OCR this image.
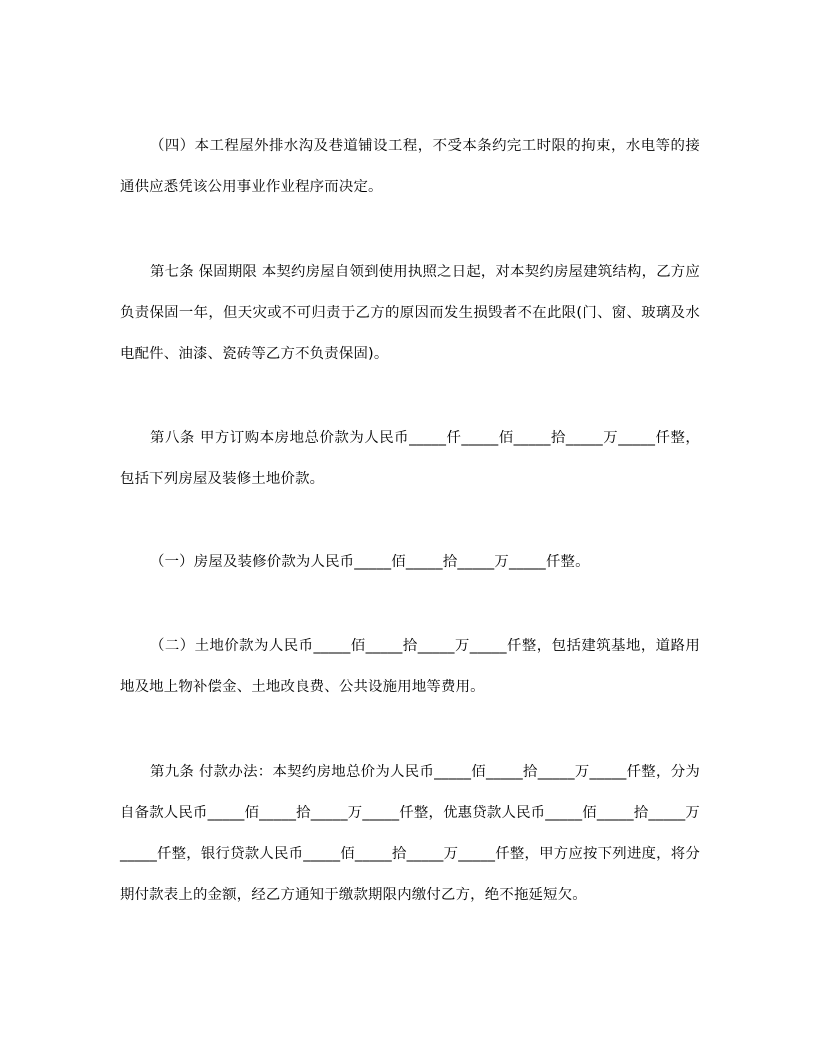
（四）本工程屋外排水沟及巷道铺设工程，不受本条约完工时限的拘束，水电等的接通供应悉凭该公用事业作业程序而决定。

第七条 保固期限 本契约房屋自领到使用执照之日起，对本契约房屋建筑结构，乙方应负责保固一年，但天灾或不可归责于乙方的原因而发生损毁者不在此限(门、窗、玻璃及水电配件、油漆、瓷砖等乙方不负责保固)。

第八条 甲方订购本房地总价款为人民币_____仟_____佰_____拾_____万_____仟整，包括下列房屋及装修土地价款。

（一）房屋及装修价款为人民币_____佰_____拾_____万_____仟整。

（二）土地价款为人民币_____佰_____拾_____万_____仟整，包括建筑基地，道路用地及地上物补偿金、土地改良费、公共设施用地等费用。

第九条 付款办法：本契约房地总价为人民币_____佰_____拾_____万_____仟整，分为自备款人民币_____佰_____拾_____万_____仟整，优惠贷款人民币_____佰_____拾_____万_____仟整，银行贷款人民币_____佰_____拾_____万_____仟整，甲方应按下列进度，将分期付款表上的金额，经乙方通知于缴款期限内缴付乙方，绝不拖延短欠。
